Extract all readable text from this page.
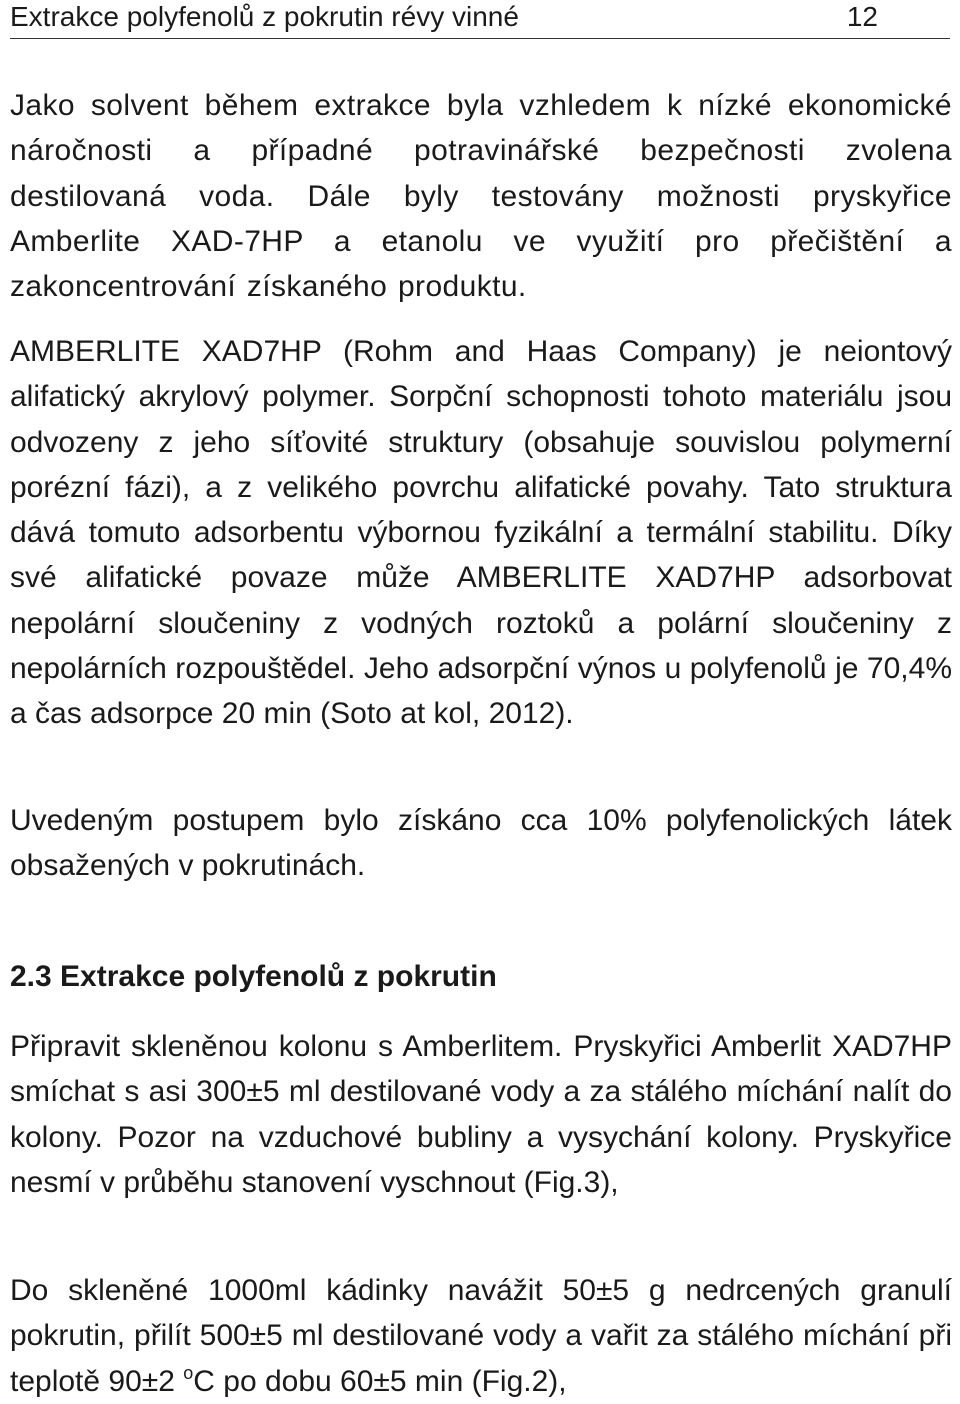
Extrakce polyfenolů z pokrutin révy vinné	12

Jako solvent během extrakce byla vzhledem k nízké ekonomické náročnosti a případné potravinářské bezpečnosti zvolena destilovaná voda. Dále byly testovány možnosti pryskyřice Amberlite XAD-7HP a etanolu ve využití pro přečištění a zakoncentrování získaného produktu.

AMBERLITE XAD7HP (Rohm and Haas Company) je neiontový alifatický akrylový polymer. Sorpční schopnosti tohoto materiálu jsou odvozeny z jeho síťovité struktury (obsahuje souvislou polymerní porézní fázi), a z velikého povrchu alifatické povahy. Tato struktura dává tomuto adsorbentu výbornou fyzikální a termální stabilitu. Díky své alifatické povaze může AMBERLITE XAD7HP adsorbovat nepolární sloučeniny z vodných roztoků a polární sloučeniny z nepolárních rozpouštědel. Jeho adsorpční výnos u polyfenolů je 70,4% a čas adsorpce 20 min (Soto at kol, 2012).

Uvedeným postupem bylo získáno cca 10% polyfenolických látek obsažených v pokrutinách.

2.3 Extrakce polyfenolů z pokrutin

Připravit skleněnou kolonu s Amberlitem. Pryskyřici Amberlit XAD7HP smíchat s asi 300±5 ml destilované vody a za stálého míchání nalít do kolony. Pozor na vzduchové bubliny a vysychání kolony. Pryskyřice nesmí v průběhu stanovení vyschnout (Fig.3),

Do skleněné 1000ml kádinky navážit 50±5 g nedrcených granulí pokrutin, přilít 500±5 ml destilované vody a vařit za stálého míchání při teplotě 90±2 $^o$C po dobu 60±5 min (Fig.2),
